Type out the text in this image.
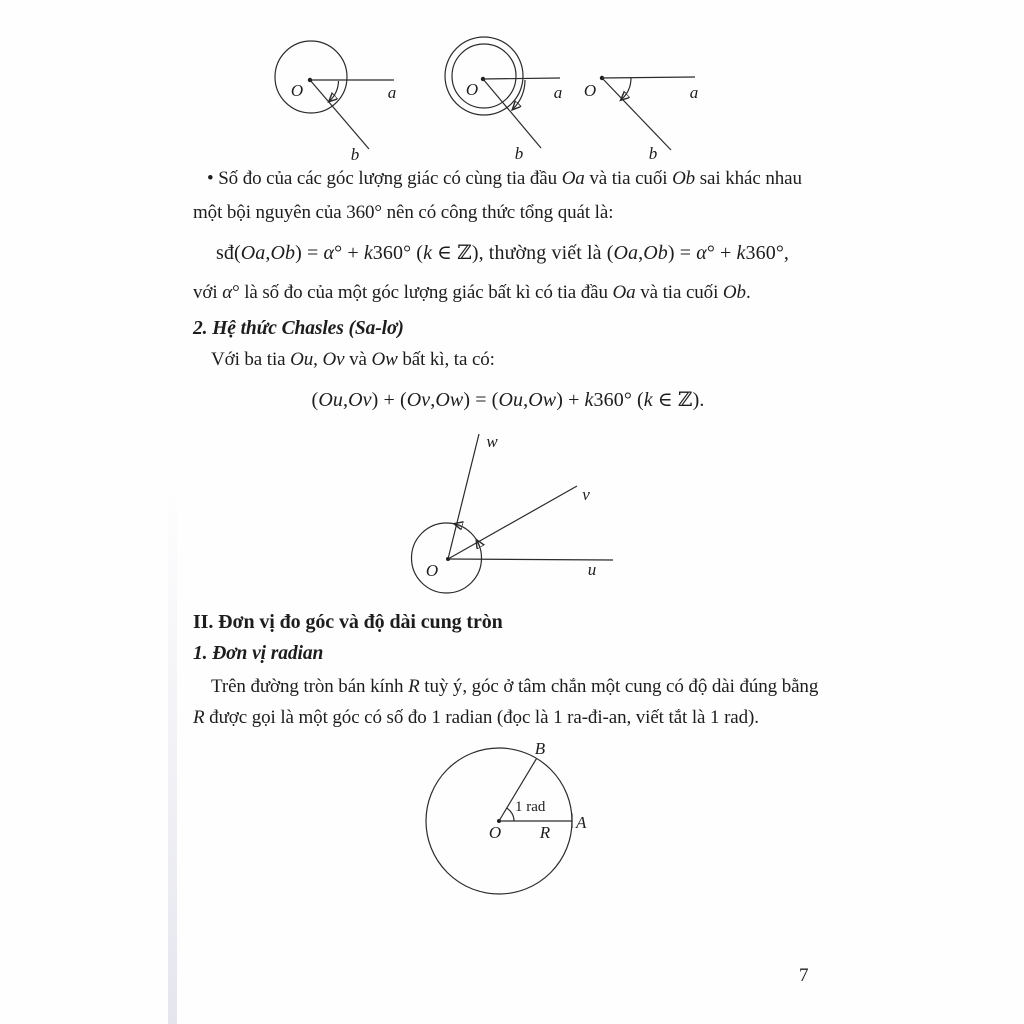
O	a
b
O	a
b
O	a
b
• Số đo của các góc lượng giác có cùng tia đầu Oa và tia cuối Ob sai khác nhau
một bội nguyên của 360° nên có công thức tổng quát là:
sđ(Oa,Ob) = α° + k360° (k ∈ ℤ), thường viết là (Oa,Ob) = α° + k360°,
với α° là số đo của một góc lượng giác bất kì có tia đầu Oa và tia cuối Ob.
2. Hệ thức Chasles (Sa-lơ)
Với ba tia Ou, Ov và Ow bất kì, ta có:
(Ou,Ov) + (Ov,Ow) = (Ou,Ow) + k360° (k ∈ ℤ).
O	u
v
w
II. Đơn vị đo góc và độ dài cung tròn
1. Đơn vị radian
Trên đường tròn bán kính R tuỳ ý, góc ở tâm chắn một cung có độ dài đúng bằng
R được gọi là một góc có số đo 1 radian (đọc là 1 ra-đi-an, viết tắt là 1 rad).
1 rad
O R
A
B
7
